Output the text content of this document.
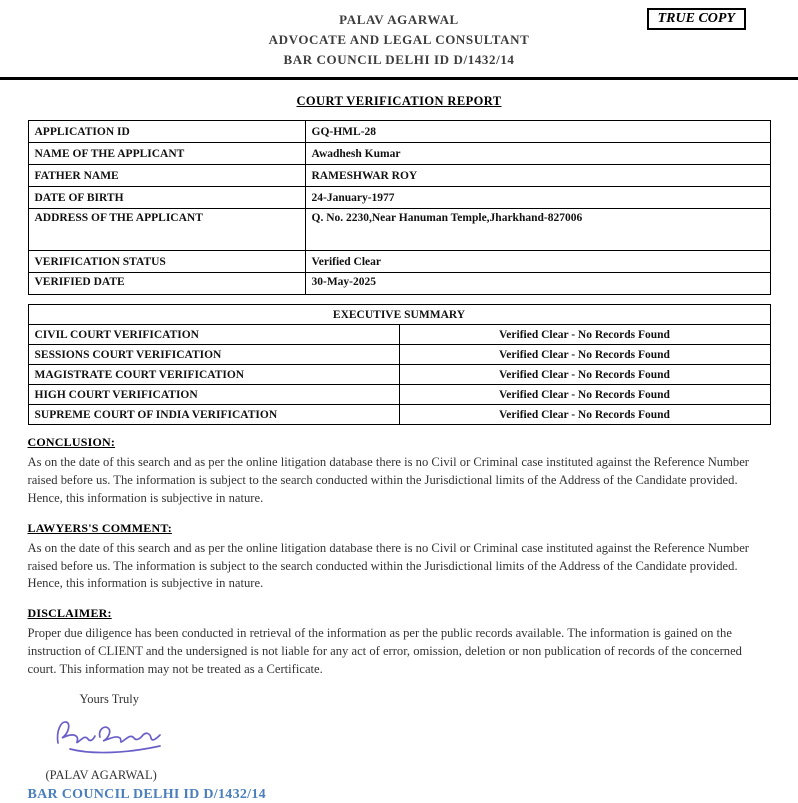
PALAV AGARWAL
ADVOCATE AND LEGAL CONSULTANT
BAR COUNCIL DELHI ID D/1432/14
TRUE COPY
COURT VERIFICATION REPORT
APPLICATION ID	GQ-HML-28
NAME OF THE APPLICANT	Awadhesh Kumar
FATHER NAME	RAMESHWAR ROY
DATE OF BIRTH	24-January-1977
ADDRESS OF THE APPLICANT	Q. No. 2230,Near Hanuman Temple,Jharkhand-827006
VERIFICATION STATUS	Verified Clear
VERIFIED DATE	30-May-2025
EXECUTIVE SUMMARY	
CIVIL COURT VERIFICATION	Verified Clear - No Records Found
SESSIONS COURT VERIFICATION	Verified Clear - No Records Found
MAGISTRATE COURT VERIFICATION	Verified Clear - No Records Found
HIGH COURT VERIFICATION	Verified Clear - No Records Found
SUPREME COURT OF INDIA VERIFICATION	Verified Clear - No Records Found
CONCLUSION:

As on the date of this search and as per the online litigation database there is no Civil or Criminal case instituted against the Reference Number raised before us. The information is subject to the search conducted within the Jurisdictional limits of the Address of the Candidate provided. Hence, this information is subjective in nature.

LAWYERS'S COMMENT:

As on the date of this search and as per the online litigation database there is no Civil or Criminal case instituted against the Reference Number raised before us. The information is subject to the search conducted within the Jurisdictional limits of the Address of the Candidate provided. Hence, this information is subjective in nature.

DISCLAIMER:

Proper due diligence has been conducted in retrieval of the information as per the public records available. The information is gained on the instruction of CLIENT and the undersigned is not liable for any act of error, omission, deletion or non publication of records of the concerned court. This information may not be treated as a Certificate.

Yours Truly
(PALAV AGARWAL)
BAR COUNCIL DELHI ID D/1432/14
